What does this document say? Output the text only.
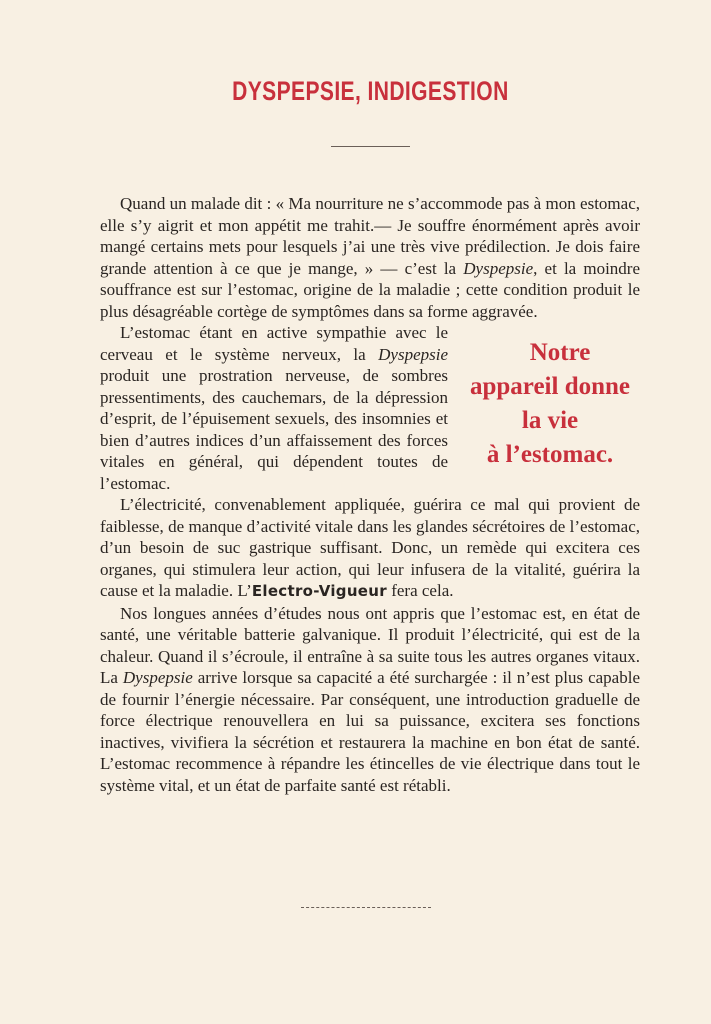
DYSPEPSIE, INDIGESTION

Quand un malade dit : « Ma nourriture ne s’accommode pas à mon estomac, elle s’y aigrit et mon appétit me trahit.— Je souffre énormément après avoir mangé certains mets pour lesquels j’ai une très vive prédilection. Je dois faire grande attention à ce que je mange, » — c’est la Dyspepsie, et la moindre souffrance est sur l’estomac, origine de la maladie ; cette condition produit le plus désagréable cortège de symptômes dans sa forme aggravée.

Notre
appareil donne
la vie
à l’estomac.
L’estomac étant en active sympathie avec le cerveau et le système nerveux, la Dyspepsie produit une prostration nerveuse, de sombres pressentiments, des cauchemars, de la dépression d’esprit, de l’épuisement sexuels, des insomnies et bien d’autres indices d’un affaissement des forces vitales en général, qui dépendent toutes de l’estomac.

L’électricité, convenablement appliquée, guérira ce mal qui provient de faiblesse, de manque d’activité vitale dans les glandes sécrétoires de l’estomac, d’un besoin de suc gastrique suffisant. Donc, un remède qui excitera ces organes, qui stimulera leur action, qui leur infusera de la vitalité, guérira la cause et la maladie. L’Electro-Vigueur fera cela.

Nos longues années d’études nous ont appris que l’estomac est, en état de santé, une véritable batterie galvanique. Il produit l’électricité, qui est de la chaleur. Quand il s’écroule, il entraîne à sa suite tous les autres organes vitaux. La Dyspepsie arrive lorsque sa capacité a été surchargée : il n’est plus capable de fournir l’énergie nécessaire. Par conséquent, une introduction graduelle de force électrique renouvellera en lui sa puissance, excitera ses fonctions inactives, vivifiera la sécrétion et restaurera la machine en bon état de santé. L’estomac recommence à répandre les étincelles de vie électrique dans tout le système vital, et un état de parfaite santé est rétabli.
